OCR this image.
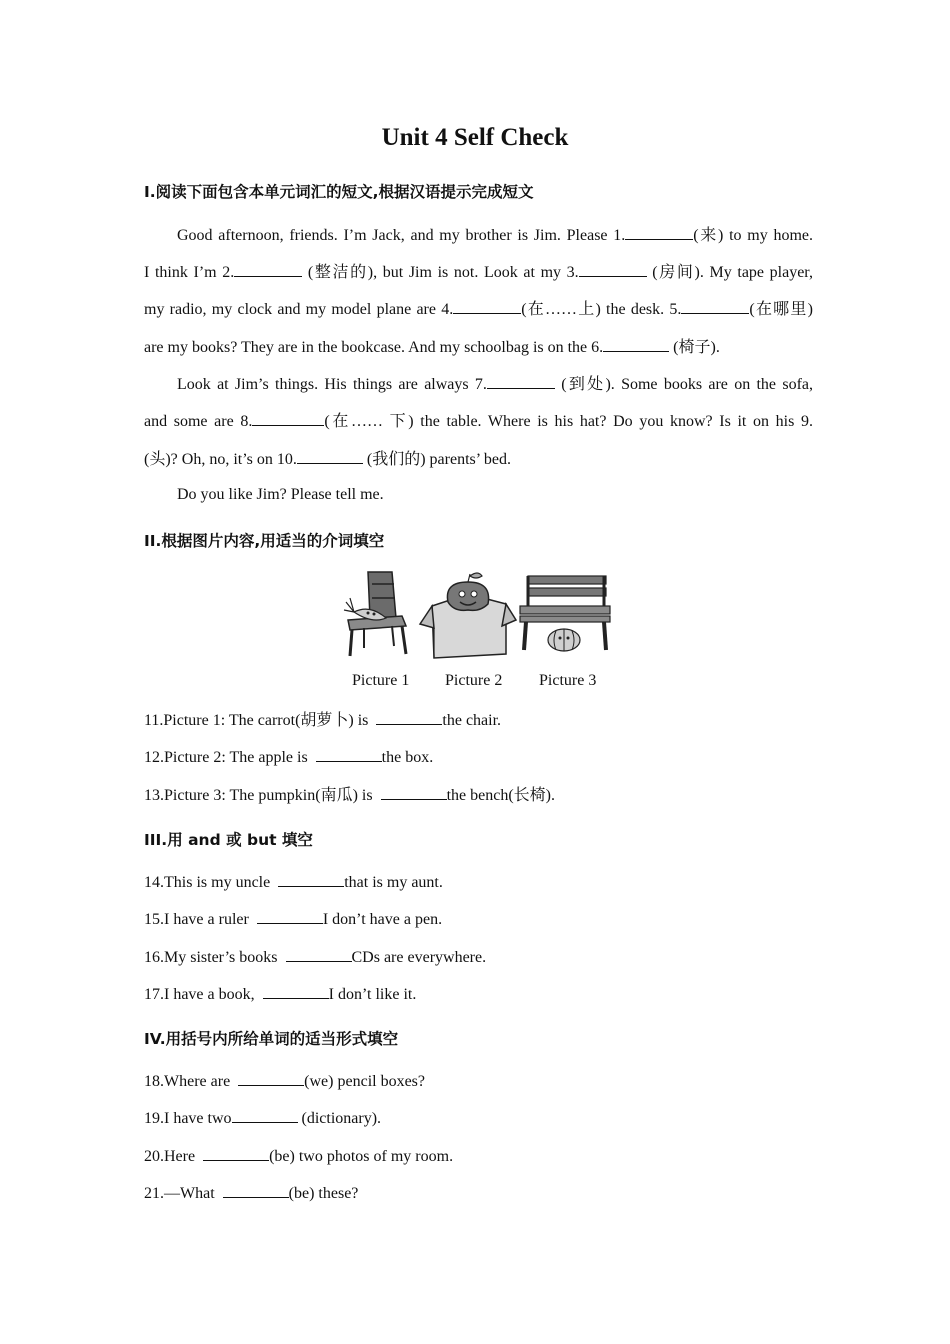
Unit 4 Self Check
I.阅读下面包含本单元词汇的短文,根据汉语提示完成短文
Good afternoon, friends. I’m Jack, and my brother is Jim. Please 1.	(来) to my home.
I think I’m 2.	(整洁的), but Jim is not. Look at my 3.	(房间). My tape player,
my radio, my clock and my model plane are 4.	(在……上) the desk. 5.	(在哪里)
are my books? They are in the bookcase. And my schoolbag is on the 6.	(椅子).
Look at Jim’s things. His things are always 7.	(到处). Some books are on the sofa,
and some are 8.	(在…… 下) the table. Where is his hat? Do you know? Is it on his 9.
(头)? Oh, no, it’s on 10.	(我们的) parents’ bed.
Do you like Jim? Please tell me.
II.根据图片内容,用适当的介词填空
Picture 1 Picture 2 Picture 3
11.Picture 1: The carrot(胡萝卜) is	the chair.
12.Picture 2: The apple is	the box.
13.Picture 3: The pumpkin(南瓜) is	the bench(长椅).
III.用 and 或 but 填空
14.This is my uncle	that is my aunt.
15.I have a ruler	I don’t have a pen.
16.My sister’s books	CDs are everywhere.
17.I have a book,	I don’t like it.
IV.用括号内所给单词的适当形式填空
18.Where are	(we) pencil boxes?
19.I have two	(dictionary).
20.Here	(be) two photos of my room.
21.—What	(be) these?
